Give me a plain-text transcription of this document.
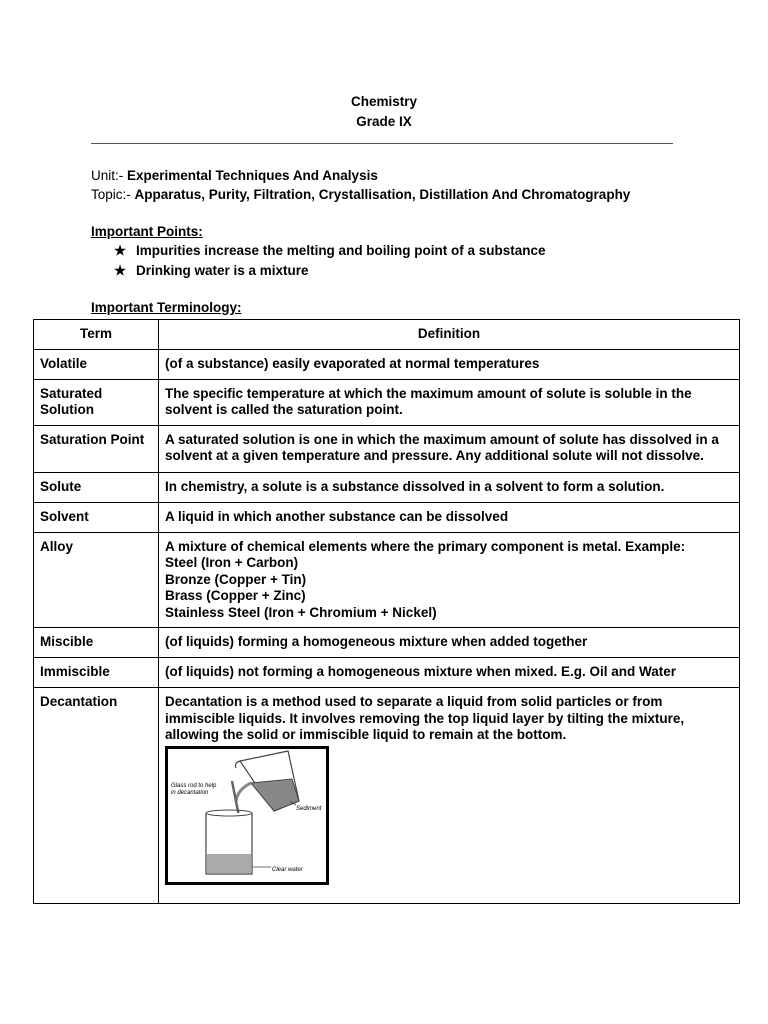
Chemistry
Grade IX
Unit:- Experimental Techniques And Analysis
Topic:- Apparatus, Purity, Filtration, Crystallisation, Distillation And Chromatography
Important Points:
★ Impurities increase the melting and boiling point of a substance
★ Drinking water is a mixture
Important Terminology:
Term	Definition
Volatile	(of a substance) easily evaporated at normal temperatures
Saturated Solution	The specific temperature at which the maximum amount of solute is soluble in the solvent is called the saturation point.
Saturation Point	A saturated solution is one in which the maximum amount of solute has dissolved in a solvent at a given temperature and pressure. Any additional solute will not dissolve.
Solute	In chemistry, a solute is a substance dissolved in a solvent to form a solution.
Solvent	A liquid in which another substance can be dissolved
Alloy	A mixture of chemical elements where the primary component is metal. Example:
Steel (Iron + Carbon)
Bronze (Copper + Tin)
Brass (Copper + Zinc)
Stainless Steel (Iron + Chromium + Nickel)

Miscible	(of liquids) forming a homogeneous mixture when added together
Immiscible	(of liquids) not forming a homogeneous mixture when mixed. E.g. Oil and Water
Decantation	Decantation is a method used to separate a liquid from solid particles or from immiscible liquids. It involves removing the top liquid layer by tilting the mixture, allowing the solid or immiscible liquid to remain at the bottom.
Glass rod to help in decantation
Sediment
Clear water
